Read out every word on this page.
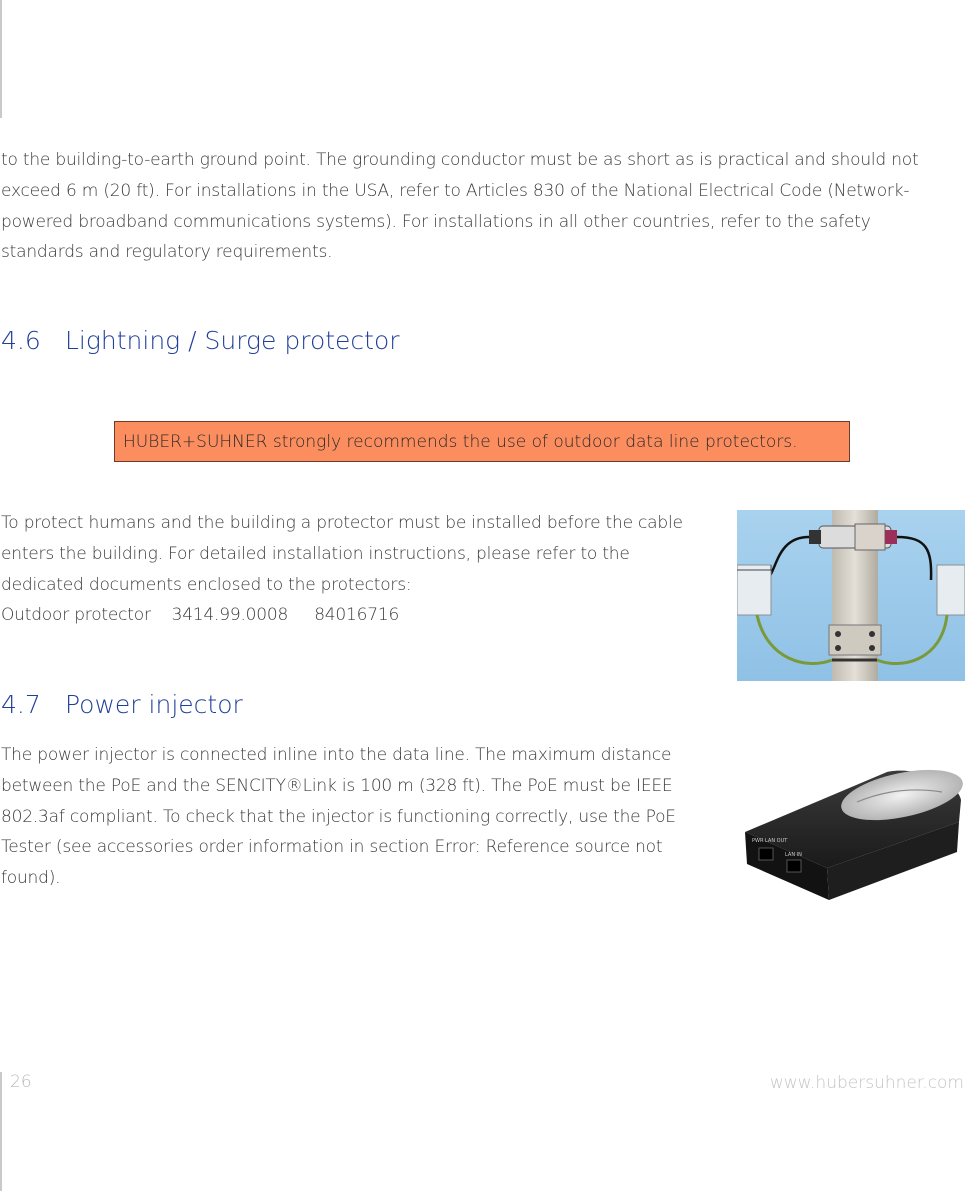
to the building-to-earth ground point. The grounding conductor must be as short as is practical and should not exceed 6 m (20 ft). For installations in the USA, refer to Articles 830 of the National Electrical Code (Network-powered broadband communications systems). For installations in all other countries, refer to the safety standards and regulatory requirements.

4.6 Lightning / Surge protector
HUBER+SUHNER strongly recommends the use of outdoor data line protectors.
To protect humans and the building a protector must be installed before the cable enters the building. For detailed installation instructions, please refer to the dedicated documents enclosed to the protectors:
Outdoor protector 3414.99.0008 84016716
4.7 Power injector

The power injector is connected inline into the data line. The maximum distance between the PoE and the SENCITY®Link is 100 m (328 ft). The PoE must be IEEE 802.3af compliant. To check that the injector is functioning correctly, use the PoE Tester (see accessories order information in section Error: Reference source not found).

PWR LAN OUT
LAN IN
26	www.hubersuhner.com
